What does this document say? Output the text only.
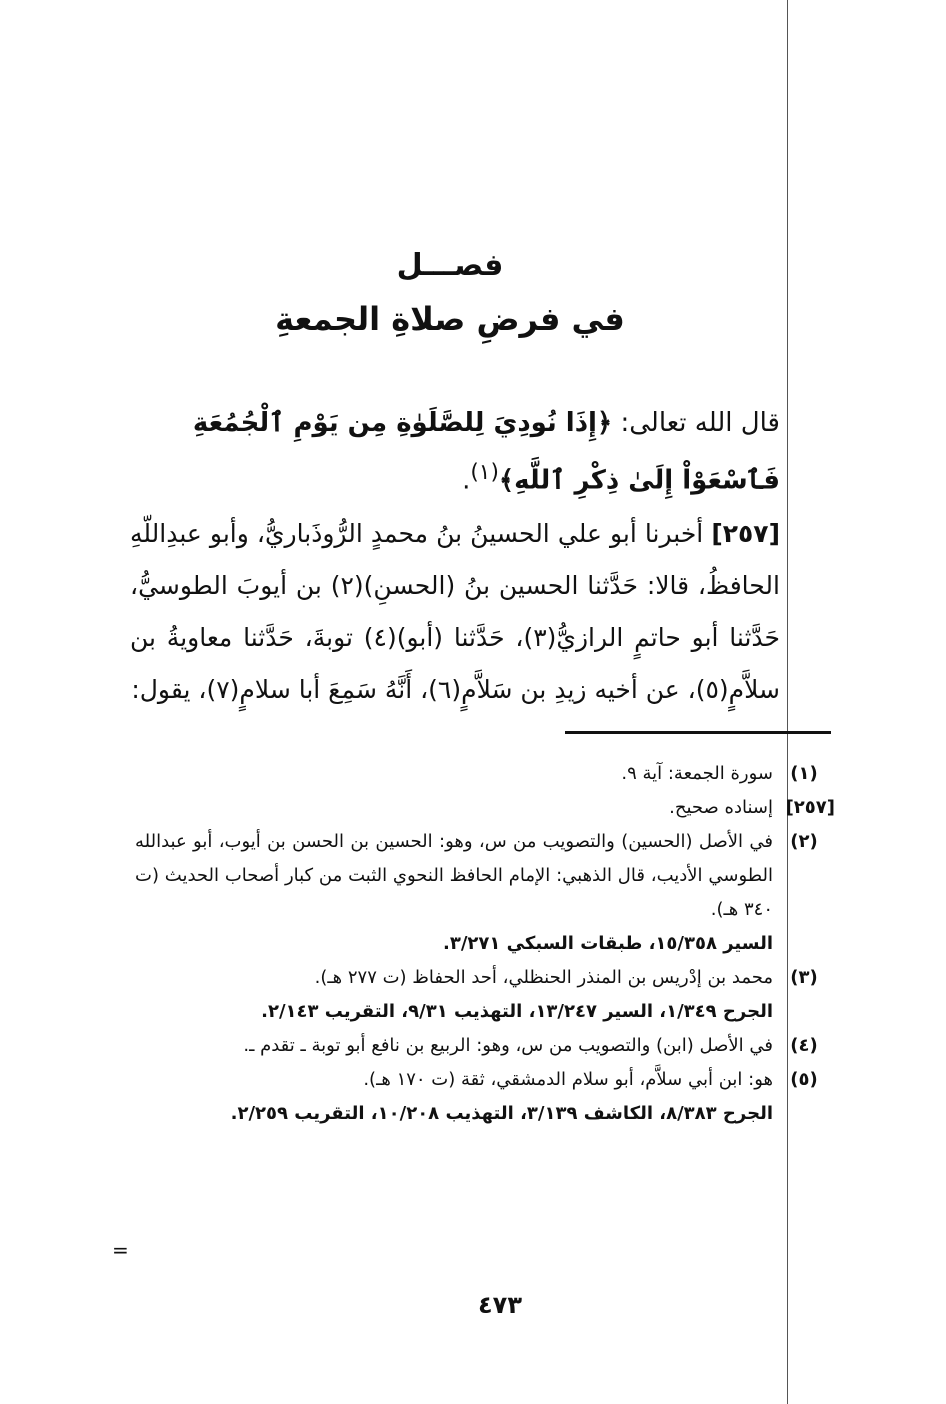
فصـــل
في فرضِ صلاةِ الجمعةِ
قال الله تعالى: ﴿إِذَا نُودِيَ لِلصَّلَوٰةِ مِن يَوْمِ ٱلْجُمُعَةِ فَٱسْعَوْاْ إِلَىٰ ذِكْرِ ٱللَّهِ﴾$^{(١)}$.
[٢٥٧] أخبرنا أبو علي الحسينُ بنُ محمدٍ الرُّوذَباريُّ، وأبو عبدِاللّهِ الحافظُ، قالا: حَدَّثنا الحسين بنُ (الحسنِ)(٢) بن أيوبَ الطوسيُّ، حَدَّثنا أبو حاتمٍ الرازيُّ(٣)، حَدَّثنا (أبو)(٤) توبةَ، حَدَّثنا معاويةُ بن سلاَّمٍ(٥)، عن أخيه زيدِ بن سَلاَّمٍ(٦)، أَنَّهُ سَمِعَ أبا سلامٍ(٧)، يقول:
(١)
سورة الجمعة: آية ٩.
[٢٥٧]
إسناده صحيح.
(٢)
في الأصل (الحسين) والتصويب من س، وهو: الحسين بن الحسن بن أيوب، أبو عبدالله الطوسي الأديب، قال الذهبي: الإمام الحافظ النحوي الثبت من كبار أصحاب الحديث (ت ٣٤٠ هـ).
السير ١٥/٣٥٨، طبقات السبكي ٣/٢٧١.
(٣)
محمد بن إدْريس بن المنذر الحنظلي، أحد الحفاظ (ت ٢٧٧ هـ).
الجرح ١/٣٤٩، السير ١٣/٢٤٧، التهذيب ٩/٣١، التقريب ٢/١٤٣.
(٤)
في الأصل (ابن) والتصويب من س، وهو: الربيع بن نافع أبو توبة ـ تقدم ـ.
(٥)
هو: ابن أبي سلاَّم، أبو سلام الدمشقي، ثقة (ت ١٧٠ هـ).
الجرح ٨/٣٨٣، الكاشف ٣/١٣٩، التهذيب ١٠/٢٠٨، التقريب ٢/٢٥٩.
=
٤٧٣
